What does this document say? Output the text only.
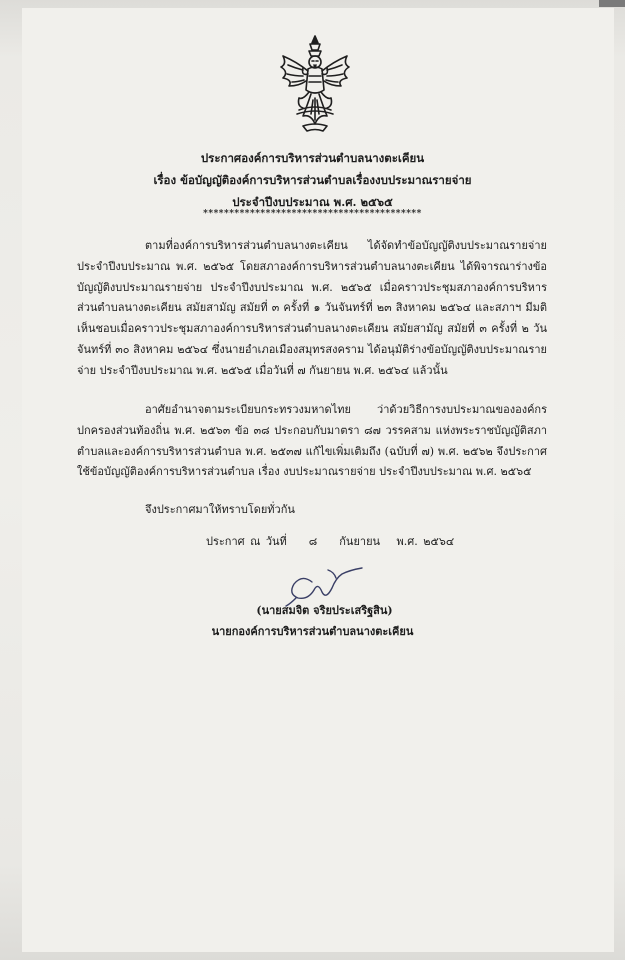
ประกาศองค์การบริหารส่วนตำบลนางตะเคียน
เรื่อง ข้อบัญญัติองค์การบริหารส่วนตำบลเรื่องงบประมาณรายจ่าย
ประจำปีงบประมาณ พ.ศ. ๒๕๖๕
******************************************
ตามที่องค์การบริหารส่วนตำบลนางตะเคียน ได้จัดทำข้อบัญญัติงบประมาณรายจ่ายประจำปีงบประมาณ พ.ศ. ๒๕๖๕ โดยสภาองค์การบริหารส่วนตำบลนางตะเคียน ได้พิจารณาร่างข้อบัญญัติงบประมาณรายจ่าย ประจำปีงบประมาณ พ.ศ. ๒๕๖๕ เมื่อคราวประชุมสภาองค์การบริหารส่วนตำบลนางตะเคียน สมัยสามัญ สมัยที่ ๓ ครั้งที่ ๑ วันจันทร์ที่ ๒๓ สิงหาคม ๒๕๖๔ และสภาฯ มีมติเห็นชอบเมื่อคราวประชุมสภาองค์การบริหารส่วนตำบลนางตะเคียน สมัยสามัญ สมัยที่ ๓ ครั้งที่ ๒ วันจันทร์ที่ ๓๐ สิงหาคม ๒๕๖๔ ซึ่งนายอำเภอเมืองสมุทรสงคราม ได้อนุมัติร่างข้อบัญญัติงบประมาณรายจ่าย ประจำปีงบประมาณ พ.ศ. ๒๕๖๕ เมื่อวันที่ ๗ กันยายน พ.ศ. ๒๕๖๔ แล้วนั้น
อาศัยอำนาจตามระเบียบกระทรวงมหาดไทย ว่าด้วยวิธีการงบประมาณขององค์กรปกครองส่วนท้องถิ่น พ.ศ. ๒๕๖๓ ข้อ ๓๘ ประกอบกับมาตรา ๘๗ วรรคสาม แห่งพระราชบัญญัติสภาตำบลและองค์การบริหารส่วนตำบล พ.ศ. ๒๕๓๗ แก้ไขเพิ่มเติมถึง (ฉบับที่ ๗) พ.ศ. ๒๕๖๒ จึงประกาศใช้ข้อบัญญัติองค์การบริหารส่วนตำบล เรื่อง งบประมาณรายจ่าย ประจำปีงบประมาณ พ.ศ. ๒๕๖๕
จึงประกาศมาให้ทราบโดยทั่วกัน
ประกาศ ณ วันที่ ๘ กันยายน พ.ศ. ๒๕๖๔
(นายสมจิต จริยประเสริฐสิน)
นายกองค์การบริหารส่วนตำบลนางตะเคียน
